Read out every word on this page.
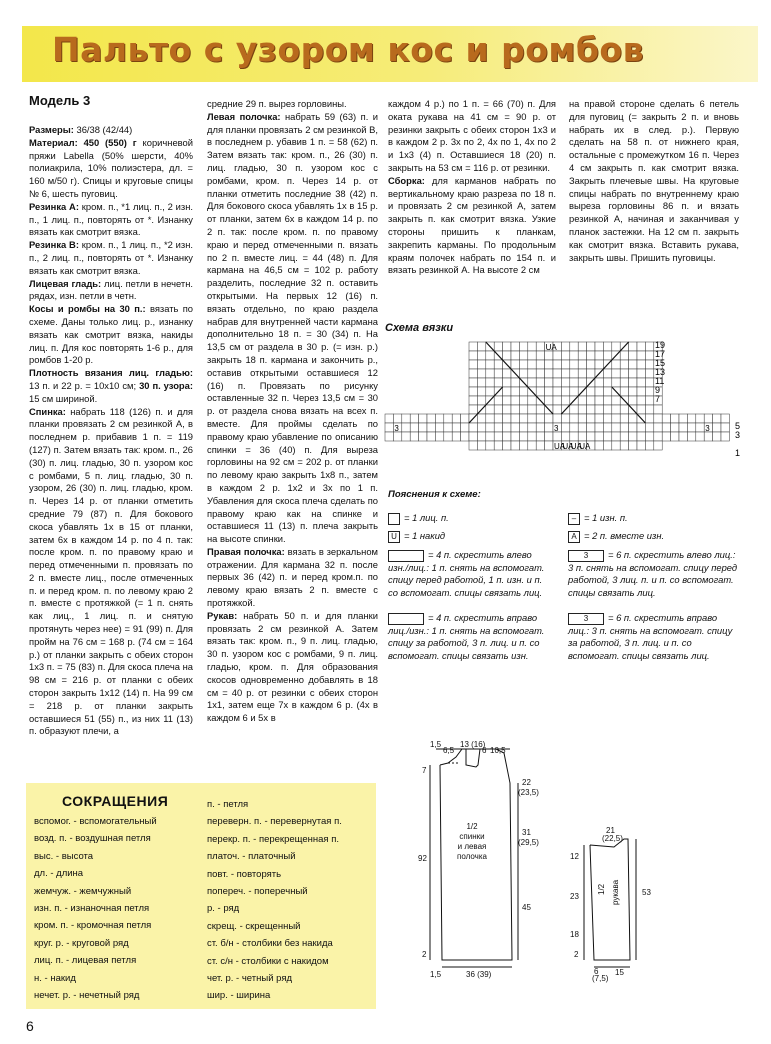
Пальто с узором кос и ромбов
Модель 3

Размеры: 36/38 (42/44)

Материал: 450 (550) г коричневой пряжи Labella (50% шерсти, 40% полиакрила, 10% полиэстера, дл. = 160 м/50 г). Спицы и круговые спицы № 6, шесть пуговиц.

Резинка А: кром. п., *1 лиц. п., 2 изн. п., 1 лиц. п., повторять от *. Изнанку вязать как смотрит вязка.

Резинка В: кром. п., 1 лиц. п., *2 изн. п., 2 лиц. п., повторять от *. Изнанку вязать как смотрит вязка.

Лицевая гладь: лиц. петли в нечетн. рядах, изн. петли в четн.

Косы и ромбы на 30 п.: вязать по схеме. Даны только лиц. р., изнанку вязать как смотрит вязка, накиды лиц. п. Для кос повторять 1-6 р., для ромбов 1-20 р.

Плотность вязания лиц. гладью: 13 п. и 22 р. = 10х10 см; 30 п. узора: 15 см шириной.

Спинка: набрать 118 (126) п. и для планки провязать 2 см резинкой А, в последнем р. прибавив 1 п. = 119 (127) п. Затем вязать так: кром. п., 26 (30) п. лиц. гладью, 30 п. узором кос с ромбами, 5 п. лиц. гладью, 30 п. узором, 26 (30) п. лиц. гладью, кром. п. Через 14 р. от планки отметить средние 79 (87) п. Для бокового скоса убавлять 1х в 15 от планки, затем 6х в каждом 14 р. по 4 п. так: после кром. п. по правому краю и перед отмеченными п. провязать по 2 п. вместе лиц., после отмеченных п. и перед кром. п. по левому краю 2 п. вместе с протяжкой (= 1 п. снять как лиц., 1 лиц. п. и снятую протянуть через нее) = 91 (99) п. Для пройм на 76 см = 168 р. (74 см = 164 р.) от планки закрыть с обеих сторон 1х3 п. = 75 (83) п. Для скоса плеча на 98 см = 216 р. от планки с обеих сторон закрыть 1х12 (14) п. На 99 см = 218 р. от планки закрыть оставшиеся 51 (55) п., из них 11 (13) п. образуют плечи, а

средние 29 п. вырез горловины.

Левая полочка: набрать 59 (63) п. и для планки провязать 2 см резинкой В, в последнем р. убавив 1 п. = 58 (62) п. Затем вязать так: кром. п., 26 (30) п. лиц. гладью, 30 п. узором кос с ромбами, кром. п. Через 14 р. от планки отметить последние 38 (42) п. Для бокового скоса убавлять 1х в 15 р. от планки, затем 6х в каждом 14 р. по 2 п. так: после кром. п. по правому краю и перед отмеченными п. вязать по 2 п. вместе лиц. = 44 (48) п. Для кармана на 46,5 см = 102 р. работу разделить, последние 32 п. оставить открытыми. На первых 12 (16) п. вязать отдельно, по краю раздела набрав для внутренней части кармана дополнительно 18 п. = 30 (34) п. На 13,5 см от раздела в 30 р. (= изн. р.) закрыть 18 п. кармана и закончить р., оставив открытыми оставшиеся 12 (16) п. Провязать по рисунку оставленные 32 п. Через 13,5 см = 30 р. от раздела снова вязать на всех п. вместе. Для проймы сделать по правому краю убавление по описанию спинки = 36 (40) п. Для выреза горловины на 92 см = 202 р. от планки по левому краю закрыть 1х8 п., затем в каждом 2 р. 1х2 и 3х по 1 п. Убавления для скоса плеча сделать по правому краю как на спинке и оставшиеся 11 (13) п. плеча закрыть на высоте спинки.

Правая полочка: вязать в зеркальном отражении. Для кармана 32 п. после первых 36 (42) п. и перед кром.п. по левому краю вязать 2 п. вместе с протяжкой.

Рукав: набрать 50 п. и для планки провязать 2 см резинкой А. Затем вязать так: кром. п., 9 п. лиц. гладью, 30 п. узором кос с ромбами, 9 п. лиц. гладью, кром. п. Для образования скосов одновременно добавлять в 18 см = 40 р. от резинки с обеих сторон 1х1, затем еще 7х в каждом 6 р. (4х в каждом 6 и 5х в

каждом 4 р.) по 1 п. = 66 (70) п. Для оката рукава на 41 см = 90 р. от резинки закрыть с обеих сторон 1х3 и в каждом 2 р. 3х по 2, 4х по 1, 4х по 2 и 1х3 (4) п. Оставшиеся 18 (20) п. закрыть на 53 см = 116 р. от резинки.

Сборка: для карманов набрать по вертикальному краю разреза по 18 п. и провязать 2 см резинкой А, затем закрыть п. как смотрит вязка. Узкие стороны пришить к планкам, закрепить карманы. По продольным краям полочек набрать по 154 п. и вязать резинкой А. На высоте 2 см

на правой стороне сделать 6 петель для пуговиц (= закрыть 2 п. и вновь набрать их в след. р.). Первую сделать на 58 п. от нижнего края, остальные с промежутком 16 п. Через 4 см закрыть п. как смотрит вязка. Закрыть плечевые швы. На круговые спицы набрать по внутреннему краю выреза горловины 86 п. и вязать резинкой А, начиная и заканчивая у планок застежки. На 12 см п. закрыть как смотрит вязка. Вставить рукава, закрыть швы. Пришить пуговицы.

Схема вязки
3	3	3
UA
UA
UA
UA
UA
19
17
15
13
11
9
7
5
3
1
Пояснения к схеме:
= 1 лиц. п.	– = 1 изн. п.
U = 1 накид	A = 2 п. вместе изн.
= 4 п. скрестить влево изн./лиц.: 1 п. снять на вспомогат. спицу перед работой, 1 п. изн. и п. со вспомогат. спицы связать лиц.
3 = 6 п. скрестить влево лиц.: 3 п. снять на вспомогат. спицу перед работой, 3 лиц. п. и п. со вспомогат. спицы связать лиц.
= 4 п. скрестить вправо лиц./изн.: 1 п. снять на вспомогат. спицу за работой, 3 п. лиц. и п. со вспомогат. спицы связать изн.
3 = 6 п. скрестить вправо лиц.: 3 п. снять на вспомогат. спицу за работой, 3 п. лиц. и п. со вспомогат. спицы связать лиц.
СОКРАЩЕНИЯ
вспомог. - вспомогательный
возд. п. - воздушная петля
выс. - высота
дл. - длина
жемчуж. - жемчужный
изн. п. - изнаночная петля
кром. п. - кромочная петля
круг. р. - круговой ряд
лиц. п. - лицевая петля
н. - накид
нечет. р. - нечетный ряд
п. - петля
переверн. п. - перевернутая п.
перекр. п. - перекрещенная п.
платоч. - платочный
повт. - повторять
попереч. - поперечный
р. - ряд
скрещ. - скрещенный
ст. б/н - столбики без накида
ст. с/н - столбики с накидом
чет. р. - четный ряд
шир. - ширина
1,5
6,5
13 (16)
6 10,5
22
(23,5)
31
(29,5)
45
7
92
2
1,5	36 (39)
1/2
спинки
и левая
полочка
21
(22,5)
12
23
18
2
53
6
(7,5)
15
1/2 рукава
6
